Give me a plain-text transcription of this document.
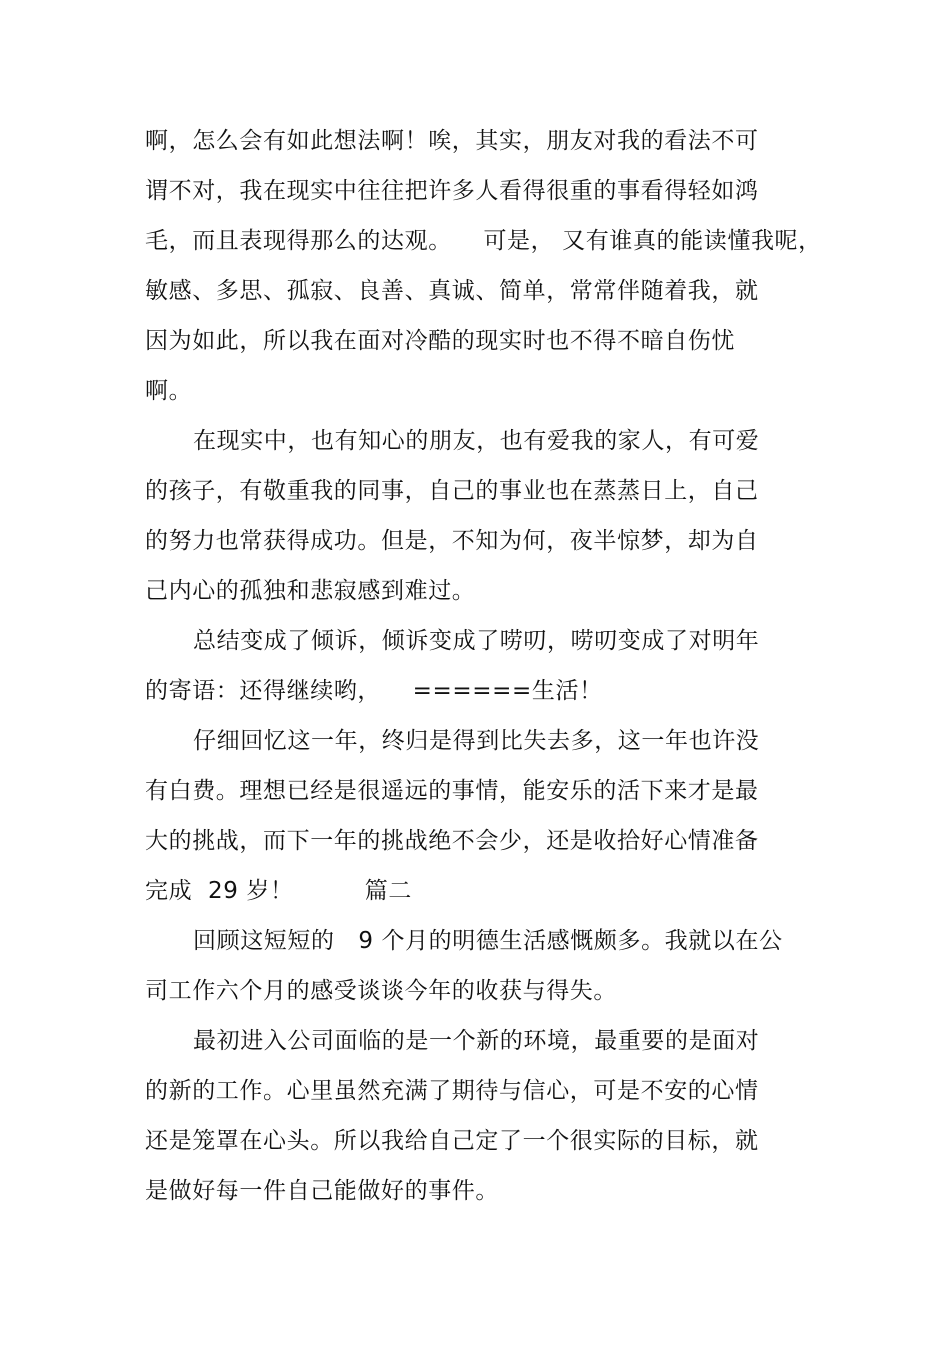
啊，怎么会有如此想法啊！唉，其实，朋友对我的看法不可
谓不对，我在现实中往往把许多人看得很重的事看得轻如鸿
毛，而且表现得那么的达观。    可是， 又有谁真的能读懂我呢，
敏感、多思、孤寂、良善、真诚、简单，常常伴随着我，就
因为如此，所以我在面对冷酷的现实时也不得不暗自伤忧
啊。
在现实中，也有知心的朋友，也有爱我的家人，有可爱
的孩子，有敬重我的同事，自己的事业也在蒸蒸日上，自己
的努力也常获得成功。但是，不知为何，夜半惊梦，却为自
己内心的孤独和悲寂感到难过。
总结变成了倾诉，倾诉变成了唠叨，唠叨变成了对明年
的寄语：还得继续哟，    ======生活！
仔细回忆这一年，终归是得到比失去多，这一年也许没
有白费。理想已经是很遥远的事情，能安乐的活下来才是最
大的挑战，而下一年的挑战绝不会少，还是收拾好心情准备
完成  29 岁！         篇二
回顾这短短的   9 个月的明德生活感慨颇多。我就以在公
司工作六个月的感受谈谈今年的收获与得失。
最初进入公司面临的是一个新的环境，最重要的是面对
的新的工作。心里虽然充满了期待与信心，可是不安的心情
还是笼罩在心头。所以我给自己定了一个很实际的目标，就
是做好每一件自己能做好的事件。
